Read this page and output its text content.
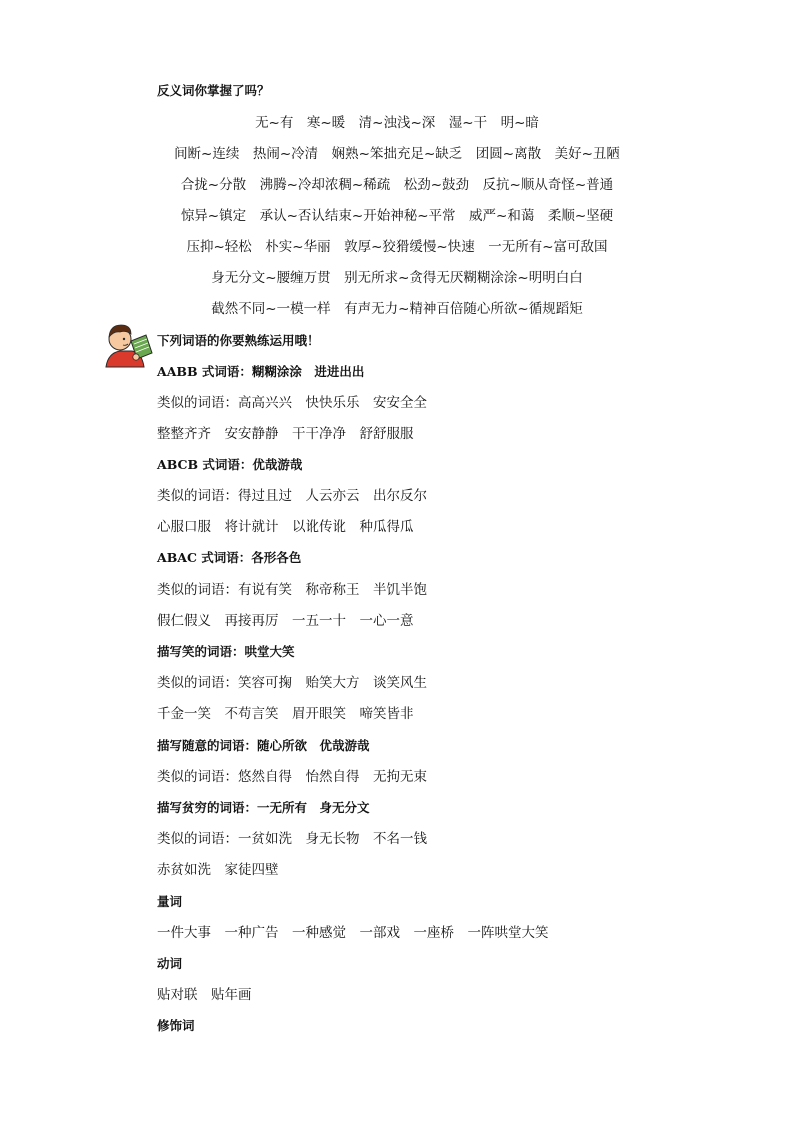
反义词你掌握了吗？
无~有　寒~暖　清~浊浅~深　湿~干　明~暗
间断~连续　热闹~冷清　娴熟~笨拙充足~缺乏　团圆~离散　美好~丑陋
合拢~分散　沸腾~冷却浓稠~稀疏　松劲~鼓劲　反抗~顺从奇怪~普通
惊异~镇定　承认~否认结束~开始神秘~平常　威严~和蔼　柔顺~坚硬
压抑~轻松　朴实~华丽　敦厚~狡猾缓慢~快速　一无所有~富可敌国
身无分文~腰缠万贯　别无所求~贪得无厌糊糊涂涂~明明白白
截然不同~一模一样　有声无力~精神百倍随心所欲~循规蹈矩
下列词语的你要熟练运用哦！
AABB 式词语：糊糊涂涂　进进出出
类似的词语：高高兴兴　快快乐乐　安安全全
整整齐齐　安安静静　干干净净　舒舒服服
ABCB 式词语：优哉游哉
类似的词语：得过且过　人云亦云　出尔反尔
心服口服　将计就计　以讹传讹　种瓜得瓜
ABAC 式词语：各形各色
类似的词语：有说有笑　称帝称王　半饥半饱
假仁假义　再接再厉　一五一十　一心一意
描写笑的词语：哄堂大笑
类似的词语：笑容可掬　贻笑大方　谈笑风生
千金一笑　不苟言笑　眉开眼笑　啼笑皆非
描写随意的词语：随心所欲　优哉游哉
类似的词语：悠然自得　怡然自得　无拘无束
描写贫穷的词语：一无所有　身无分文
类似的词语：一贫如洗　身无长物　不名一钱
赤贫如洗　家徒四壁
量词
一件大事　一种广告　一种感觉　一部戏　一座桥　一阵哄堂大笑
动词
贴对联　贴年画
修饰词
